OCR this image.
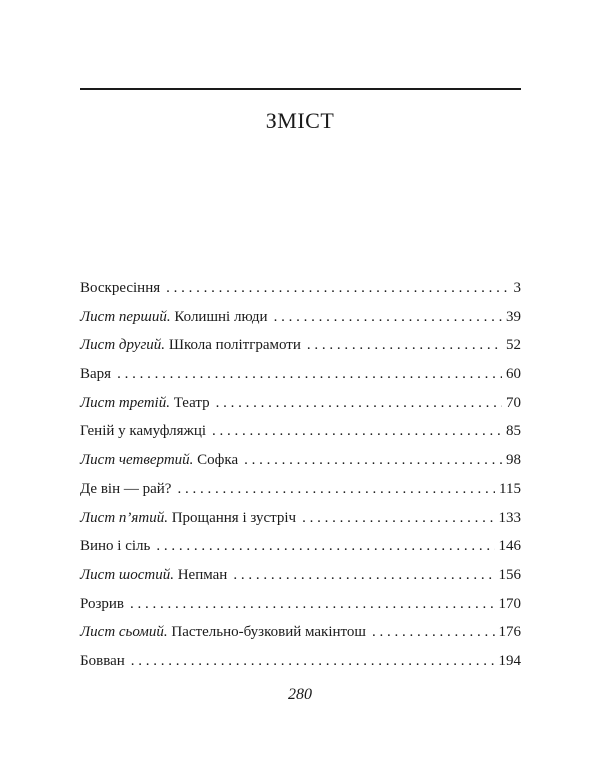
ЗМІСТ
Воскресіння . . .	3
Лист перший. Колишні люди . . .	39
Лист другий. Школа політграмоти . . .	52
Варя . . .	60
Лист третій. Театр . . .	70
Геній у камуфляжці . . .	85
Лист четвертий. Софка . . .	98
Де він — рай? . . .	115
Лист п’ятий. Прощання і зустріч . . .	133
Вино і сіль . . .	146
Лист шостий. Непман . . .	156
Розрив . . .	170
Лист сьомий. Пастельно-бузковий макінтош . . .	176
Бовван . . .	194
280
